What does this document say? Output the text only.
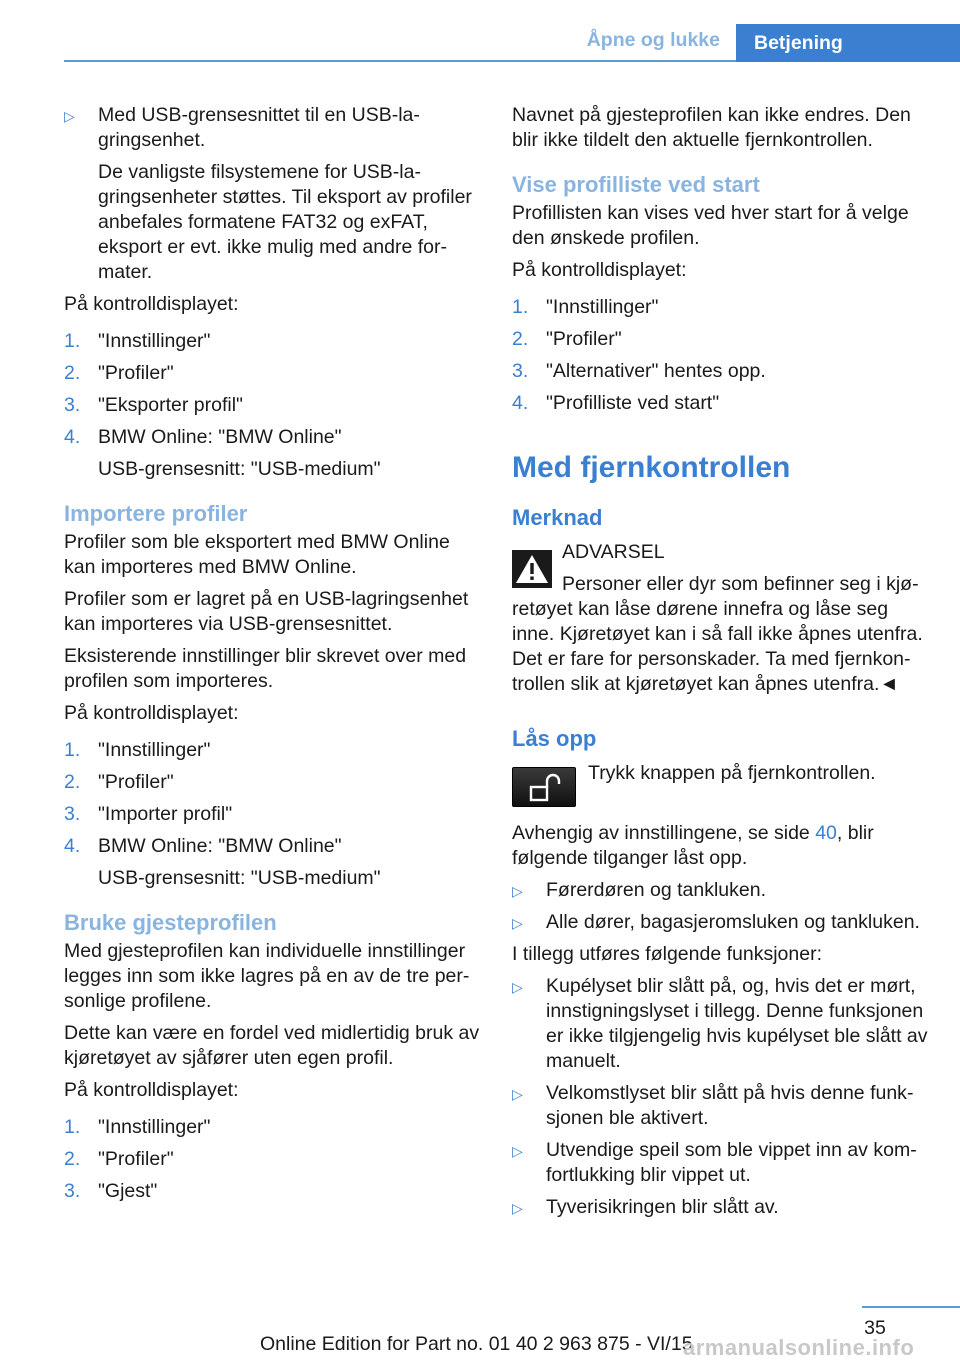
Åpne og lukke	Betjening
▷ Med USB-grensesnittet til en USB-lagringsenhet.
De vanligste filsystemene for USB-lagringsenheter støttes. Til eksport av profiler anbefales formatene FAT32 og exFAT, eksport er evt. ikke mulig med andre formater.

På kontrolldisplayet:

1. "Innstillinger"
2. "Profiler"
3. "Eksporter profil"
4. BMW Online: "BMW Online"
USB-grensesnitt: "USB-medium"
Importere profiler

Profiler som ble eksportert med BMW Online kan importeres med BMW Online.

Profiler som er lagret på en USB-lagringsenhet kan importeres via USB-grensesnittet.

Eksisterende innstillinger blir skrevet over med profilen som importeres.

På kontrolldisplayet:

1. "Innstillinger"
2. "Profiler"
3. "Importer profil"
4. BMW Online: "BMW Online"
USB-grensesnitt: "USB-medium"
Bruke gjesteprofilen

Med gjesteprofilen kan individuelle innstillinger legges inn som ikke lagres på en av de tre personlige profilene.

Dette kan være en fordel ved midlertidig bruk av kjøretøyet av sjåfører uten egen profil.

På kontrolldisplayet:

1. "Innstillinger"
2. "Profiler"
3. "Gjest"

Navnet på gjesteprofilen kan ikke endres. Den blir ikke tildelt den aktuelle fjernkontrollen.

Vise profilliste ved start

Profillisten kan vises ved hver start for å velge den ønskede profilen.

På kontrolldisplayet:

1. "Innstillinger"
2. "Profiler"
3. "Alternativer" hentes opp.
4. "Profilliste ved start"
Med fjernkontrollen
Merknad
ADVARSEL
Personer eller dyr som befinner seg i kjøretøyet kan låse dørene innefra og låse seg inne. Kjøretøyet kan i så fall ikke åpnes utenfra. Det er fare for personskader. Ta med fjernkontrollen slik at kjøretøyet kan åpnes utenfra.◄
Lås opp
Trykk knappen på fjernkontrollen.

Avhengig av innstillingene, se side 40, blir følgende tilganger låst opp.

▷ Førerdøren og tankluken.
▷ Alle dører, bagasjeromsluken og tankluken.

I tillegg utføres følgende funksjoner:

▷ Kupélyset blir slått på, og, hvis det er mørt, innstigningslyset i tillegg. Denne funksjonen er ikke tilgjengelig hvis kupélyset ble slått av manuelt.
▷ Velkomstlyset blir slått på hvis denne funksjonen ble aktivert.
▷ Utvendige speil som ble vippet inn av komfortlukking blir vippet ut.
▷ Tyverisikringen blir slått av.
35
Online Edition for Part no. 01 40 2 963 875 - VI/15
armanualsonline.info
